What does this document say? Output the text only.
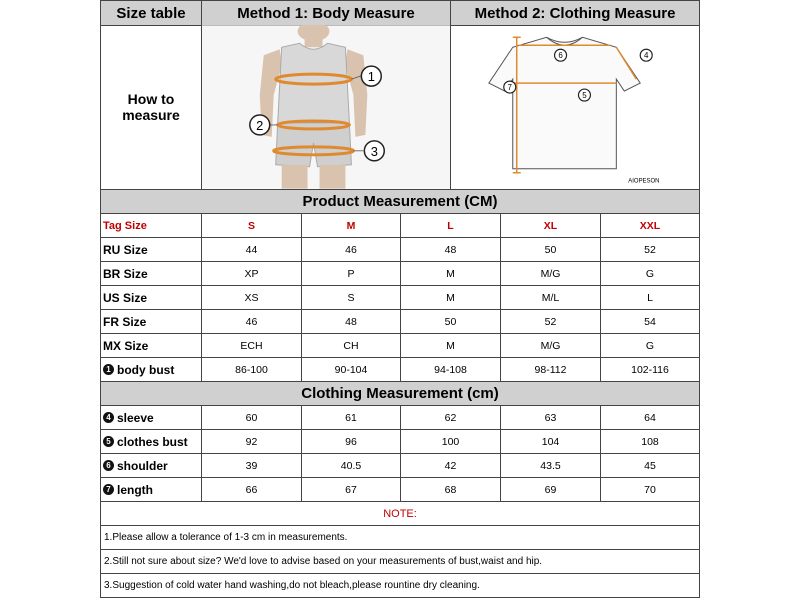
Size table	Method 1: Body Measure	Method 2: Clothing Measure
How to
measure
1
2
3
6	4
7
5
AIOPESON
Product Measurement (CM)
Tag Size	S	M	L	XL	XXL
RU Size	44	46	48	50	52
BR Size	XP	P	M	M/G	G
US Size	XS	S	M	M/L	L
FR Size	46	48	50	52	54
MX Size	ECH	CH	M	M/G	G
1 body bust	86-100	90-104	94-108	98-112	102-116
Clothing Measurement (cm)
4 sleeve	60	61	62	63	64
5 clothes bust	92	96	100	104	108
6 shoulder	39	40.5	42	43.5	45
7 length	66	67	68	69	70
NOTE:
1.Please allow a tolerance of 1-3 cm in measurements.
2.Still not sure about size? We'd love to advise based on your measurements of bust,waist and hip.
3.Suggestion of cold water hand washing,do not bleach,please rountine dry cleaning.
